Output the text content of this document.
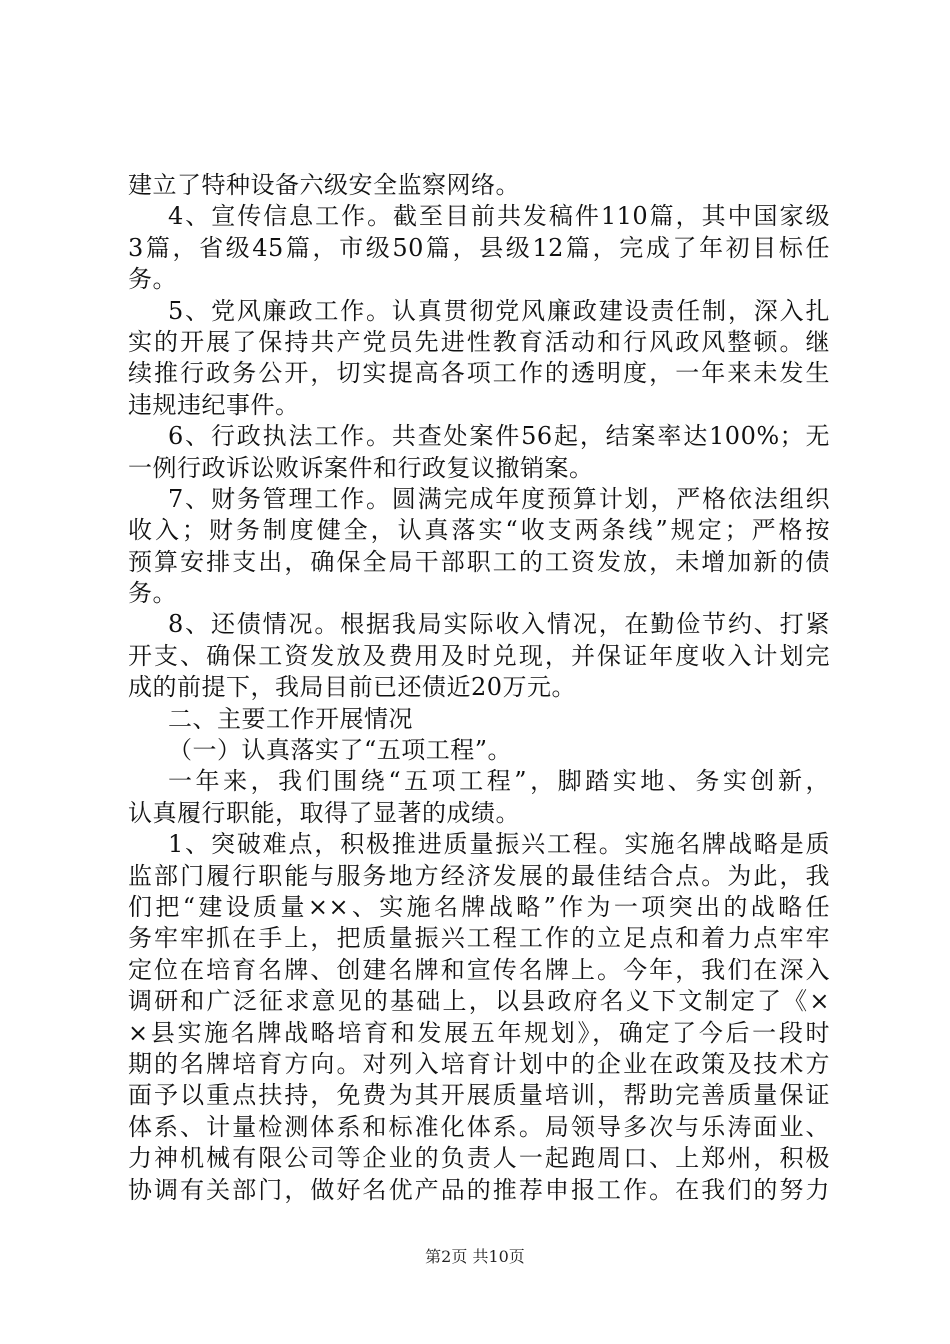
建立了特种设备六级安全监察网络。
4、宣传信息工作。截至目前共发稿件110篇，其中国家级
3篇，省级45篇，市级50篇，县级12篇，完成了年初目标任
务。
5、党风廉政工作。认真贯彻党风廉政建设责任制，深入扎
实的开展了保持共产党员先进性教育活动和行风政风整顿。继
续推行政务公开，切实提高各项工作的透明度，一年来未发生
违规违纪事件。
6、行政执法工作。共查处案件56起，结案率达100%；无
一例行政诉讼败诉案件和行政复议撤销案。
7、财务管理工作。圆满完成年度预算计划，严格依法组织
收入；财务制度健全，认真落实“收支两条线”规定；严格按
预算安排支出，确保全局干部职工的工资发放，未增加新的债
务。
8、还债情况。根据我局实际收入情况，在勤俭节约、打紧
开支、确保工资发放及费用及时兑现，并保证年度收入计划完
成的前提下，我局目前已还债近20万元。
二、主要工作开展情况
（一）认真落实了“五项工程”。
一年来，我们围绕“五项工程”，脚踏实地、务实创新，
认真履行职能，取得了显著的成绩。
1、突破难点，积极推进质量振兴工程。实施名牌战略是质
监部门履行职能与服务地方经济发展的最佳结合点。为此，我
们把“建设质量××、实施名牌战略”作为一项突出的战略任
务牢牢抓在手上，把质量振兴工程工作的立足点和着力点牢牢
定位在培育名牌、创建名牌和宣传名牌上。今年，我们在深入
调研和广泛征求意见的基础上，以县政府名义下文制定了《×
×县实施名牌战略培育和发展五年规划》，确定了今后一段时
期的名牌培育方向。对列入培育计划中的企业在政策及技术方
面予以重点扶持，免费为其开展质量培训，帮助完善质量保证
体系、计量检测体系和标准化体系。局领导多次与乐涛面业、
力神机械有限公司等企业的负责人一起跑周口、上郑州，积极
协调有关部门，做好名优产品的推荐申报工作。在我们的努力
第2页 共10页
